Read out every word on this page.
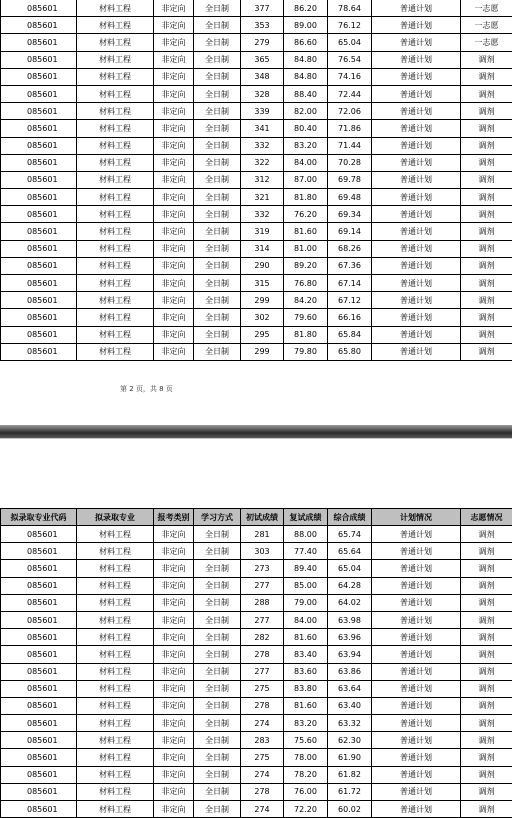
085601	材料工程	非定向	全日制	377	86.20	78.64	普通计划	一志愿
085601	材料工程	非定向	全日制	353	89.00	76.12	普通计划	一志愿
085601	材料工程	非定向	全日制	279	86.60	65.04	普通计划	一志愿
085601	材料工程	非定向	全日制	365	84.80	76.54	普通计划	调剂
085601	材料工程	非定向	全日制	348	84.80	74.16	普通计划	调剂
085601	材料工程	非定向	全日制	328	88.40	72.44	普通计划	调剂
085601	材料工程	非定向	全日制	339	82.00	72.06	普通计划	调剂
085601	材料工程	非定向	全日制	341	80.40	71.86	普通计划	调剂
085601	材料工程	非定向	全日制	332	83.20	71.44	普通计划	调剂
085601	材料工程	非定向	全日制	322	84.00	70.28	普通计划	调剂
085601	材料工程	非定向	全日制	312	87.00	69.78	普通计划	调剂
085601	材料工程	非定向	全日制	321	81.80	69.48	普通计划	调剂
085601	材料工程	非定向	全日制	332	76.20	69.34	普通计划	调剂
085601	材料工程	非定向	全日制	319	81.60	69.14	普通计划	调剂
085601	材料工程	非定向	全日制	314	81.00	68.26	普通计划	调剂
085601	材料工程	非定向	全日制	290	89.20	67.36	普通计划	调剂
085601	材料工程	非定向	全日制	315	76.80	67.14	普通计划	调剂
085601	材料工程	非定向	全日制	299	84.20	67.12	普通计划	调剂
085601	材料工程	非定向	全日制	302	79.60	66.16	普通计划	调剂
085601	材料工程	非定向	全日制	295	81.80	65.84	普通计划	调剂
085601	材料工程	非定向	全日制	299	79.80	65.80	普通计划	调剂
第 2 页，共 8 页
拟录取专业代码	拟录取专业	报考类别	学习方式	初试成绩	复试成绩	综合成绩	计划情况	志愿情况
085601	材料工程	非定向	全日制	281	88.00	65.74	普通计划	调剂
085601	材料工程	非定向	全日制	303	77.40	65.64	普通计划	调剂
085601	材料工程	非定向	全日制	273	89.40	65.04	普通计划	调剂
085601	材料工程	非定向	全日制	277	85.00	64.28	普通计划	调剂
085601	材料工程	非定向	全日制	288	79.00	64.02	普通计划	调剂
085601	材料工程	非定向	全日制	277	84.00	63.98	普通计划	调剂
085601	材料工程	非定向	全日制	282	81.60	63.96	普通计划	调剂
085601	材料工程	非定向	全日制	278	83.40	63.94	普通计划	调剂
085601	材料工程	非定向	全日制	277	83.60	63.86	普通计划	调剂
085601	材料工程	非定向	全日制	275	83.80	63.64	普通计划	调剂
085601	材料工程	非定向	全日制	278	81.60	63.40	普通计划	调剂
085601	材料工程	非定向	全日制	274	83.20	63.32	普通计划	调剂
085601	材料工程	非定向	全日制	283	75.60	62.30	普通计划	调剂
085601	材料工程	非定向	全日制	275	78.00	61.90	普通计划	调剂
085601	材料工程	非定向	全日制	274	78.20	61.82	普通计划	调剂
085601	材料工程	非定向	全日制	278	76.00	61.72	普通计划	调剂
085601	材料工程	非定向	全日制	274	72.20	60.02	普通计划	调剂
